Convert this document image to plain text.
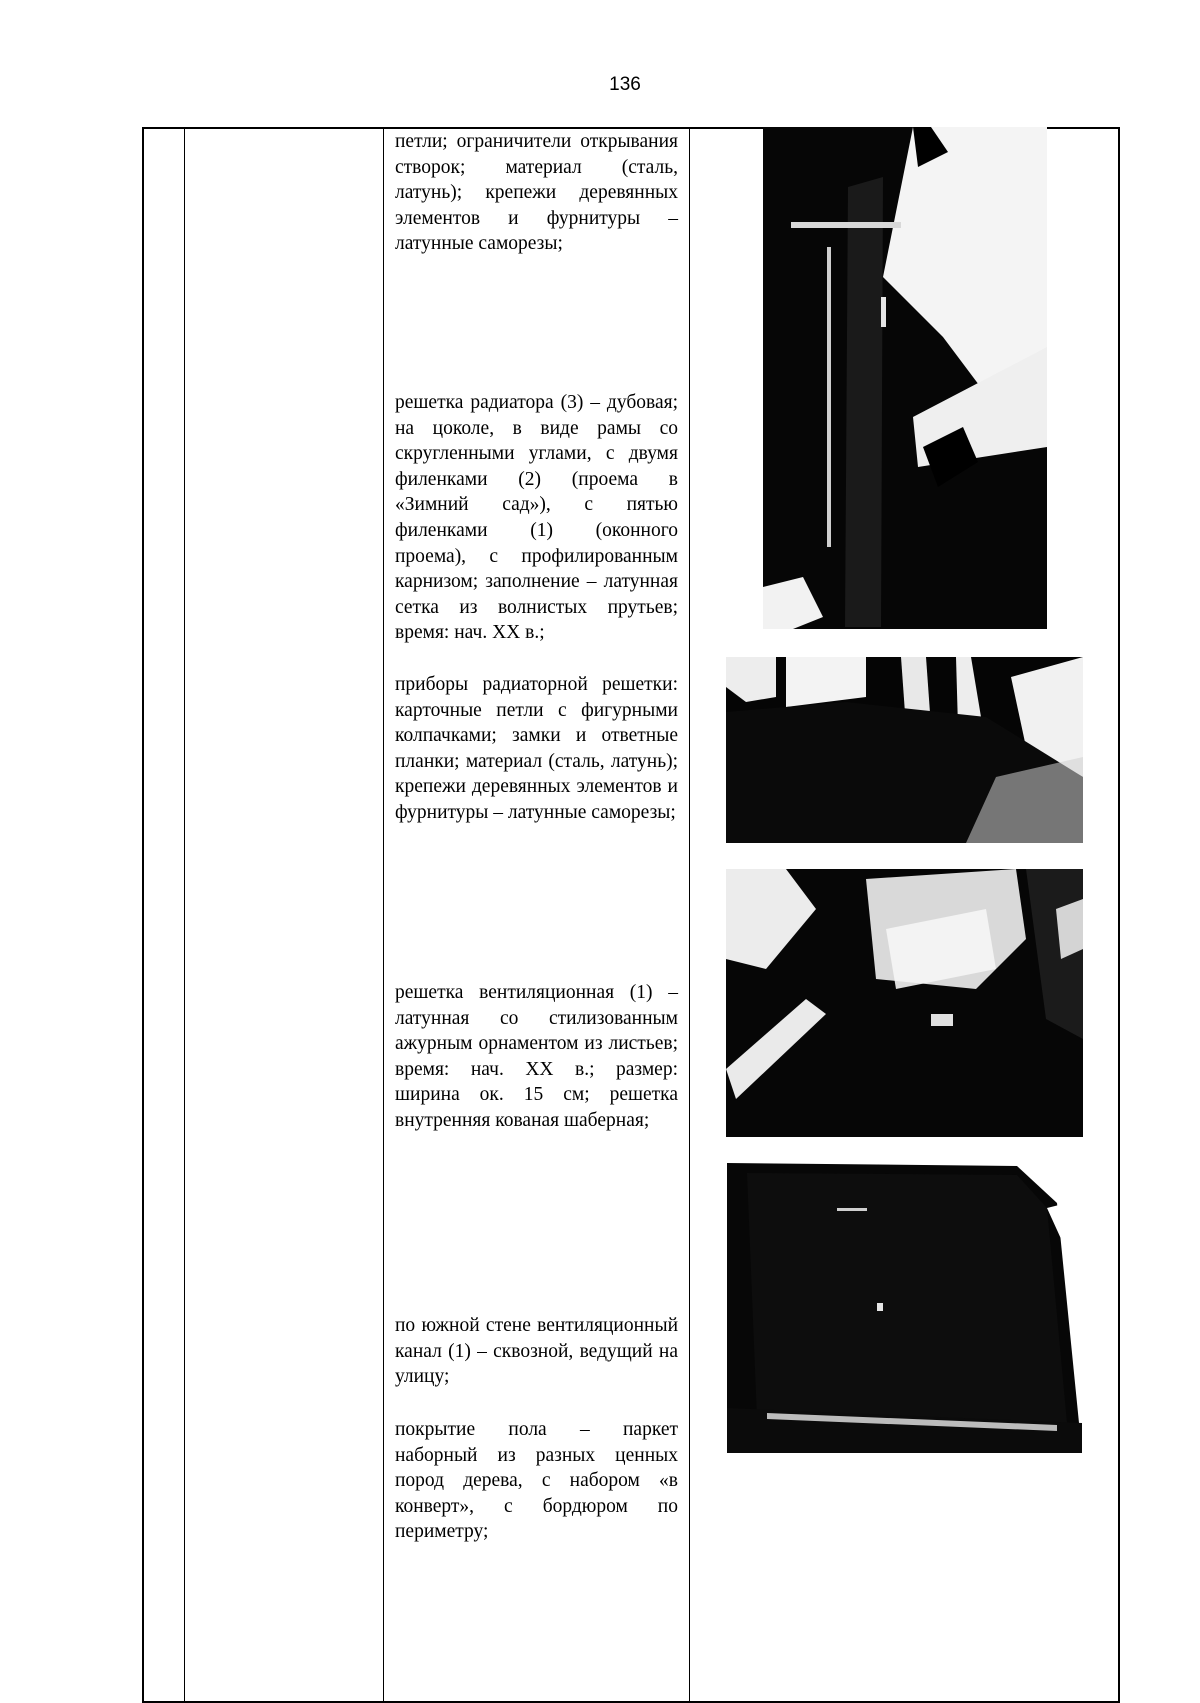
136

петли; ограничители открывания створок; материал (сталь, латунь); крепежи деревянных элементов и фурнитуры – латунные саморезы;

решетка радиатора (3) – дубовая; на цоколе, в виде рамы со скругленными углами, с двумя филенками (2) (проема в «Зимний сад»), с пятью филенками (1) (оконного проема), с профилированным карнизом; заполнение – латунная сетка из волнистых прутьев; время: нач. XX в.;

приборы радиаторной решетки: карточные петли с фигурными колпачками; замки и ответные планки; материал (сталь, латунь); крепежи деревянных элементов и фурнитуры – латунные саморезы;

решетка вентиляционная (1) – латунная со стилизованным ажурным орнаментом из листьев; время: нач. XX в.; размер: ширина ок. 15 см; решетка внутренняя кованая шаберная;

по южной стене вентиляционный канал (1) – сквозной, ведущий на улицу;

покрытие пола – паркет наборный из разных ценных пород дерева, с набором «в конверт», с бордюром по периметру;
